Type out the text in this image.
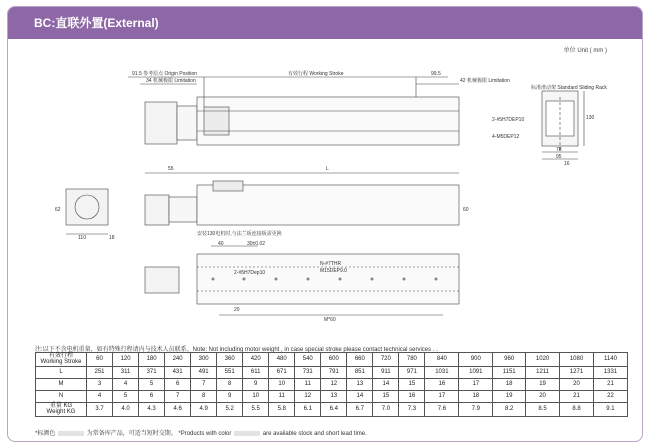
BC:直联外置(External)
单位 Unit ( mm )
91.5 参考原点 Origin Position	有效行程 Working Stroke	99.5
34 机械极限 Limitation	42 机械极限 Limitation
标准滑动架 Standard Sliding Rack
2-#5H7DEP10
4-M5DEP12
78
95
130
16
55	L
62	60
110	18
安装130电机时,与法兰板连接板需更换
40	30±0.02
2-#5H7Dep10
N-#7THR
M15DEP9.0
20
M*60
注:以下不含电机重量，如有特殊行程请内与技术人员联系。Note: Not including motor weight , in case special stroke please contact technical services . .
有效行程
Working Stroke	60	120	180	240	300	360	420	480	540	600	660	720	780	840	900	960	1020	1080	1140
L	251	311	371	431	491	551	611	671	731	791	851	911	971	1031	1091	1151	1211	1271	1331
M	3	4	5	6	7	8	9	10	11	12	13	14	15	16	17	18	19	20	21
N	4	5	6	7	8	9	10	11	12	13	14	15	16	17	18	19	20	21	22
重量 KG
Weight KG	3.7	4.0	4.3	4.6	4.9	5.2	5.5	5.8	6.1	6.4	6.7	7.0	7.3	7.6	7.9	8.2	8.5	8.8	9.1
*标颜色	为常备库产品，可适当短时交期。 *Products with color	are available stock and short lead time.
